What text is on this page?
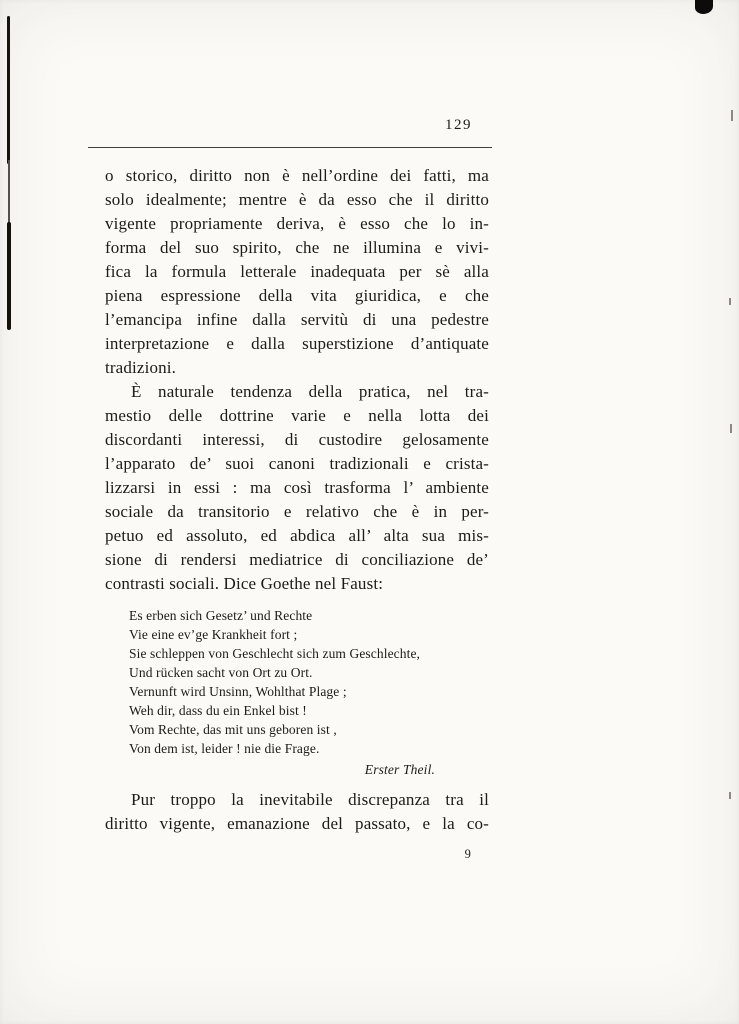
129
o storico, diritto non è nell’ordine dei fatti, ma
solo idealmente; mentre è da esso che il diritto
vigente propriamente deriva, è esso che lo in-
forma del suo spirito, che ne illumina e vivi-
fica la formula letterale inadequata per sè alla
piena espressione della vita giuridica, e che
l’emancipa infine dalla servitù di una pedestre
interpretazione e dalla superstizione d’antiquate
tradizioni.
È naturale tendenza della pratica, nel tra-
mestio delle dottrine varie e nella lotta dei
discordanti interessi, di custodire gelosamente
l’apparato de’ suoi canoni tradizionali e crista-
lizzarsi in essi : ma così trasforma l’ ambiente
sociale da transitorio e relativo che è in per-
petuo ed assoluto, ed abdica all’ alta sua mis-
sione di rendersi mediatrice di conciliazione de’
contrasti sociali. Dice Goethe nel Faust:
Es erben sich Gesetz’ und Rechte
Vie eine ev’ge Krankheit fort ;
Sie schleppen von Geschlecht sich zum Geschlechte,
Und rücken sacht von Ort zu Ort.
Vernunft wird Unsinn, Wohlthat Plage ;
Weh dir, dass du ein Enkel bist !
Vom Rechte, das mit uns geboren ist ,
Von dem ist, leider ! nie die Frage.
Erster Theil.
Pur troppo la inevitabile discrepanza tra il
diritto vigente, emanazione del passato, e la co-
9
